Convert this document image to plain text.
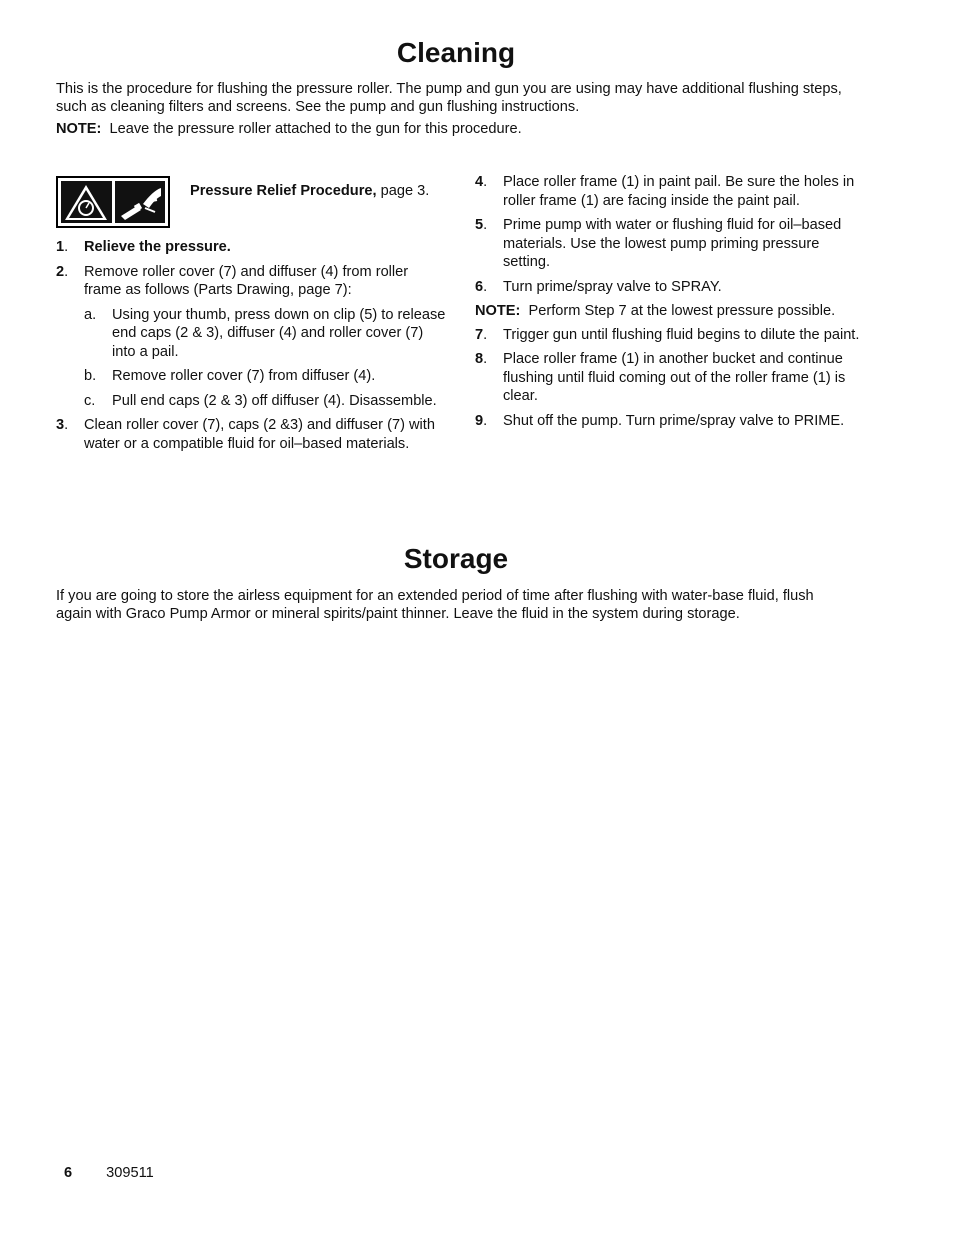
Cleaning

This is the procedure for flushing the pressure roller. The pump and gun you are using may have additional flushing steps, such as cleaning filters and screens. See the pump and gun flushing instructions.

NOTE: Leave the pressure roller attached to the gun for this procedure.

Pressure Relief Procedure, page 3.
1.	Relieve the pressure.
2.	Remove roller cover (7) and diffuser (4) from roller frame as follows (Parts Drawing, page 7):
a.	Using your thumb, press down on clip (5) to release end caps (2 & 3), diffuser (4) and roller cover (7) into a pail.
b.	Remove roller cover (7) from diffuser (4).
c.	Pull end caps (2 & 3) off diffuser (4). Disassemble.
3.	Clean roller cover (7), caps (2 &3) and diffuser (7) with water or a compatible fluid for oil–based materials.
4.	Place roller frame (1) in paint pail. Be sure the holes in roller frame (1) are facing inside the paint pail.
5.	Prime pump with water or flushing fluid for oil–based materials. Use the lowest pump priming pressure setting.
6.	Turn prime/spray valve to SPRAY.
NOTE: Perform Step 7 at the lowest pressure possible.
7.	Trigger gun until flushing fluid begins to dilute the paint.
8.	Place roller frame (1) in another bucket and continue flushing until fluid coming out of the roller frame (1) is clear.
9.	Shut off the pump. Turn prime/spray valve to PRIME.
Storage

If you are going to store the airless equipment for an extended period of time after flushing with water-base fluid, flush again with Graco Pump Armor or mineral spirits/paint thinner. Leave the fluid in the system during storage.

6 309511
